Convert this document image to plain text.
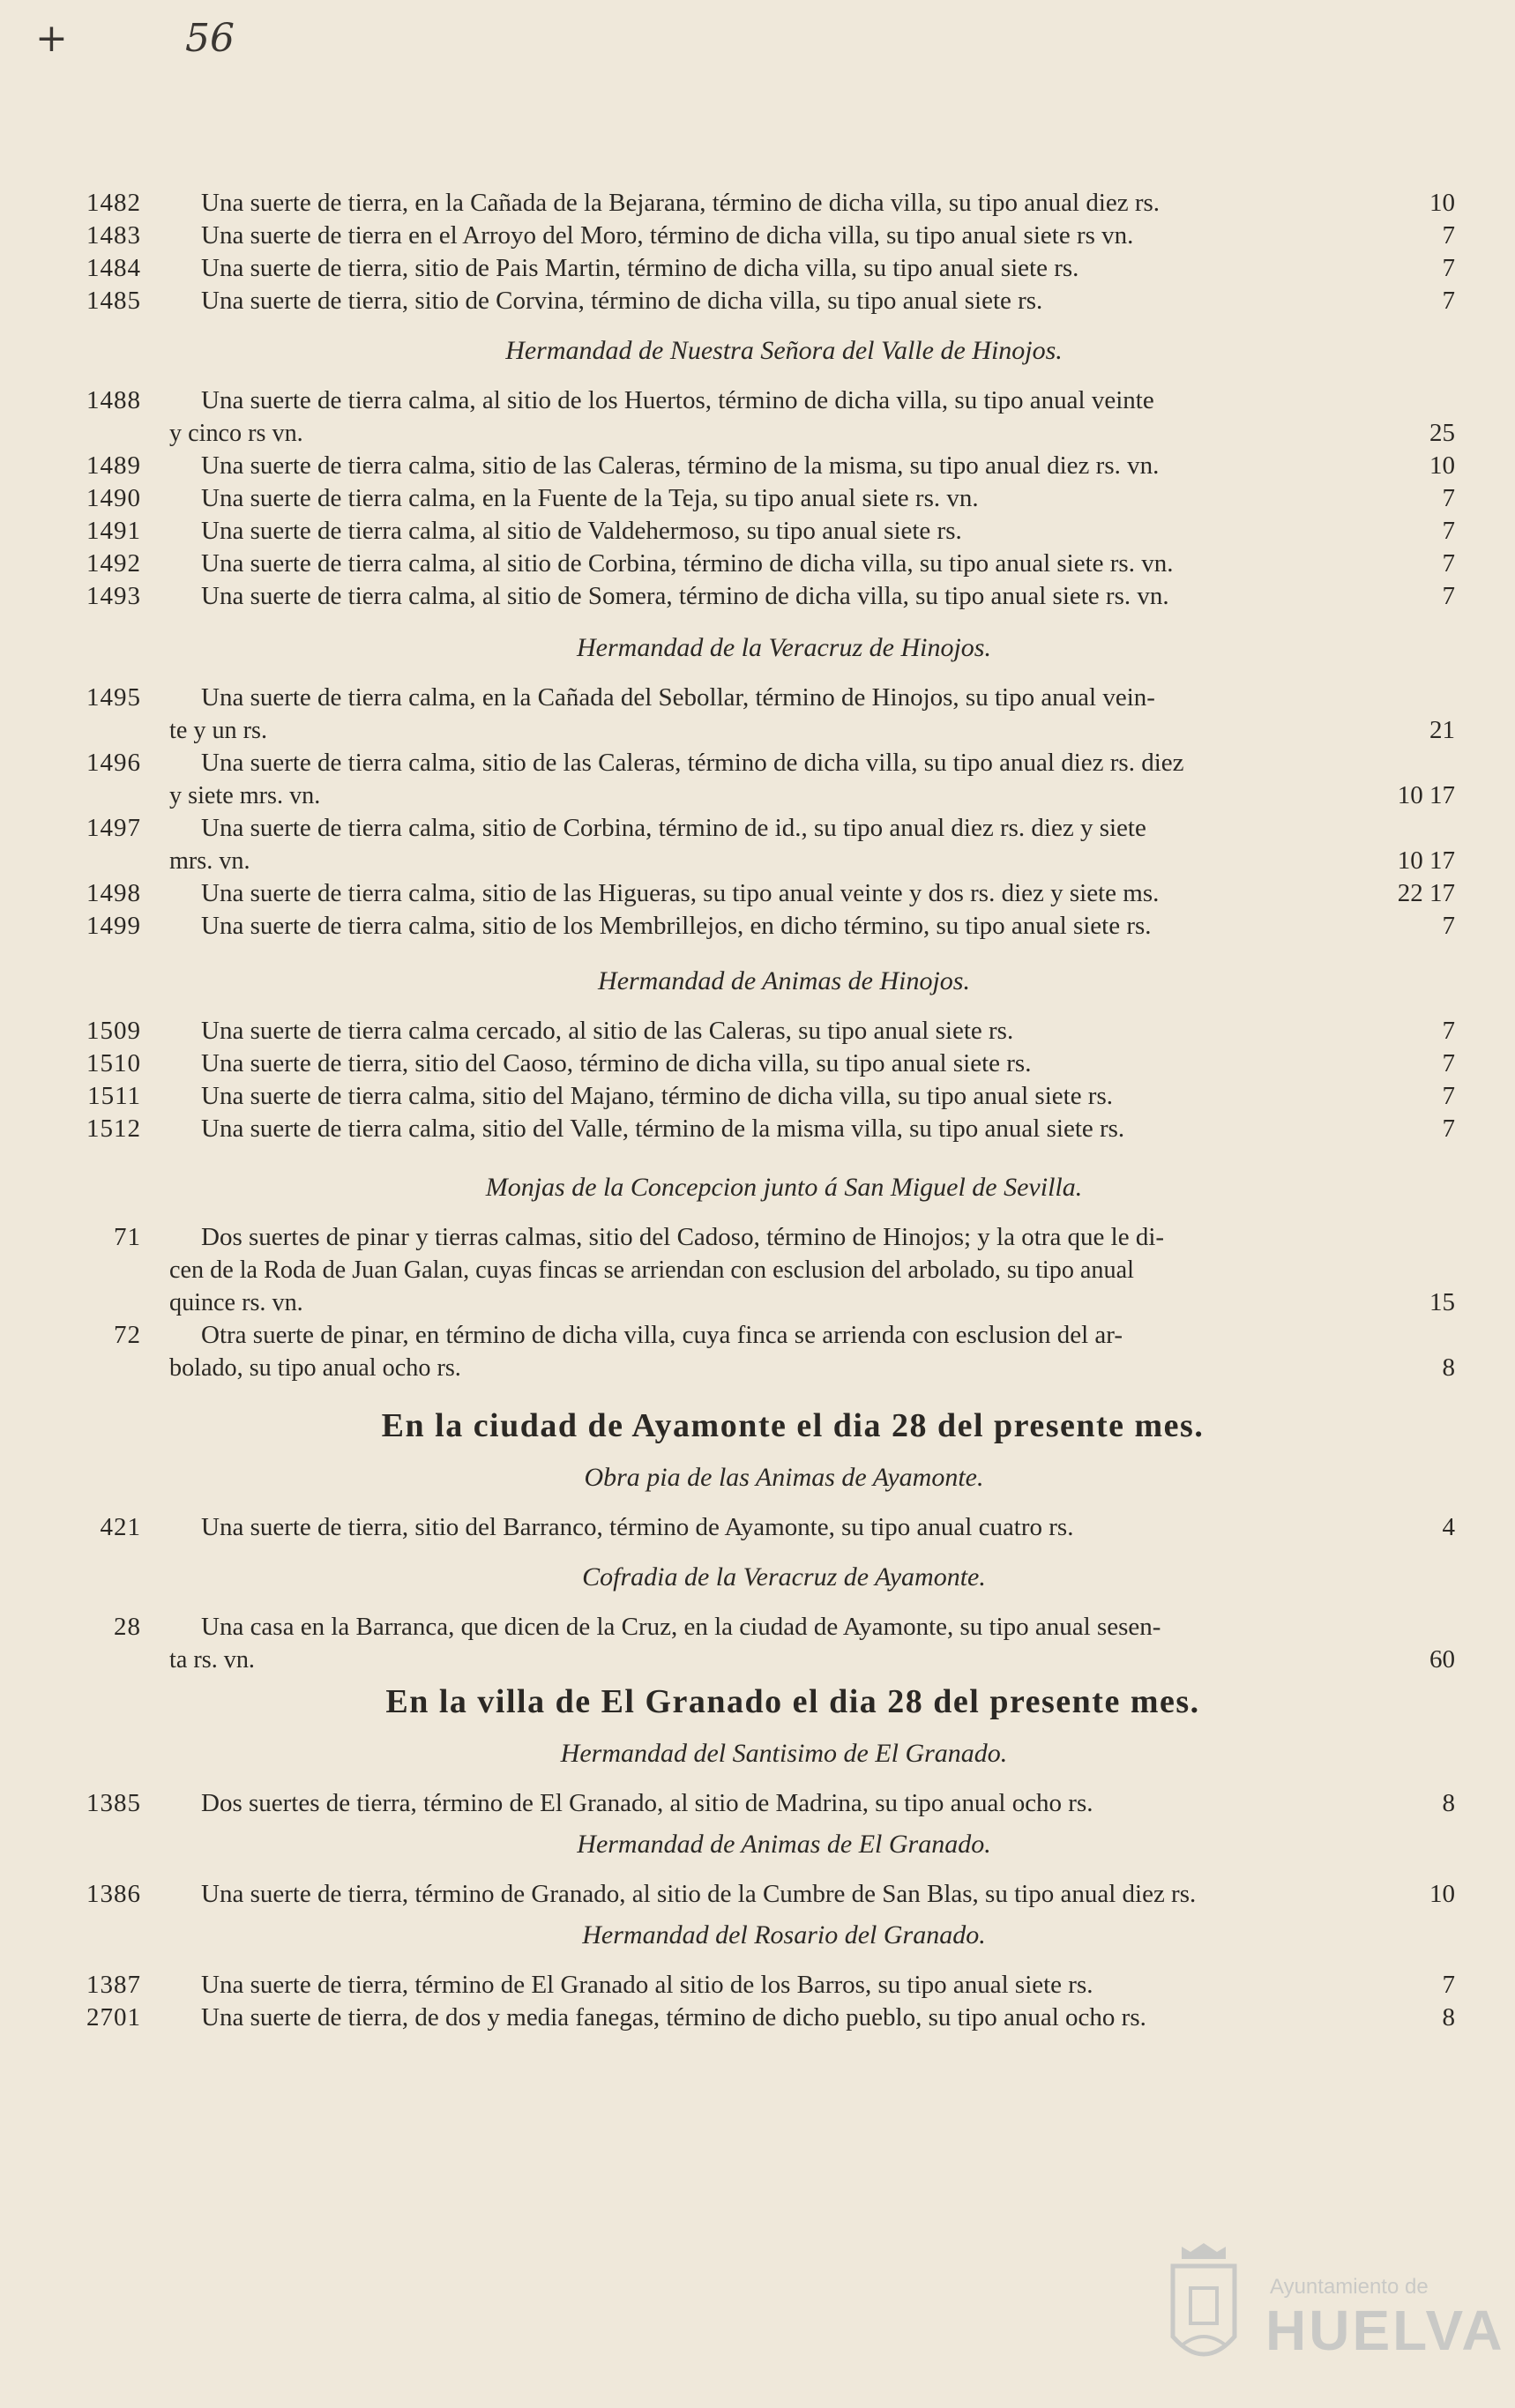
+	56
1482 Una suerte de tierra, en la Cañada de la Bejarana, término de dicha villa, su tipo anual diez rs.	10
1483 Una suerte de tierra en el Arroyo del Moro, término de dicha villa, su tipo anual siete rs vn.	7
1484 Una suerte de tierra, sitio de Pais Martin, término de dicha villa, su tipo anual siete rs.	7
1485 Una suerte de tierra, sitio de Corvina, término de dicha villa, su tipo anual siete rs.	7
Hermandad de Nuestra Señora del Valle de Hinojos.
1488 Una suerte de tierra calma, al sitio de los Huertos, término de dicha villa, su tipo anual veinte
y cinco rs vn.	25
1489 Una suerte de tierra calma, sitio de las Caleras, término de la misma, su tipo anual diez rs. vn.	10
1490 Una suerte de tierra calma, en la Fuente de la Teja, su tipo anual siete rs. vn.	7
1491 Una suerte de tierra calma, al sitio de Valdehermoso, su tipo anual siete rs.	7
1492 Una suerte de tierra calma, al sitio de Corbina, término de dicha villa, su tipo anual siete rs. vn.	7
1493 Una suerte de tierra calma, al sitio de Somera, término de dicha villa, su tipo anual siete rs. vn.	7
Hermandad de la Veracruz de Hinojos.
1495 Una suerte de tierra calma, en la Cañada del Sebollar, término de Hinojos, su tipo anual vein-
te y un rs.	21
1496 Una suerte de tierra calma, sitio de las Caleras, término de dicha villa, su tipo anual diez rs. diez
y siete mrs. vn.	10 17
1497 Una suerte de tierra calma, sitio de Corbina, término de id., su tipo anual diez rs. diez y siete
mrs. vn.	10 17
1498 Una suerte de tierra calma, sitio de las Higueras, su tipo anual veinte y dos rs. diez y siete ms.	22 17
1499 Una suerte de tierra calma, sitio de los Membrillejos, en dicho término, su tipo anual siete rs.	7
Hermandad de Animas de Hinojos.
1509 Una suerte de tierra calma cercado, al sitio de las Caleras, su tipo anual siete rs.	7
1510 Una suerte de tierra, sitio del Caoso, término de dicha villa, su tipo anual siete rs.	7
1511 Una suerte de tierra calma, sitio del Majano, término de dicha villa, su tipo anual siete rs.	7
1512 Una suerte de tierra calma, sitio del Valle, término de la misma villa, su tipo anual siete rs.	7
Monjas de la Concepcion junto á San Miguel de Sevilla.
71 Dos suertes de pinar y tierras calmas, sitio del Cadoso, término de Hinojos; y la otra que le di-
cen de la Roda de Juan Galan, cuyas fincas se arriendan con esclusion del arbolado, su tipo anual
quince rs. vn.	15
72 Otra suerte de pinar, en término de dicha villa, cuya finca se arrienda con esclusion del ar-
bolado, su tipo anual ocho rs.	8
En la ciudad de Ayamonte el dia 28 del presente mes.
Obra pia de las Animas de Ayamonte.
421 Una suerte de tierra, sitio del Barranco, término de Ayamonte, su tipo anual cuatro rs.	4
Cofradia de la Veracruz de Ayamonte.
28 Una casa en la Barranca, que dicen de la Cruz, en la ciudad de Ayamonte, su tipo anual sesen-
ta rs. vn.	60
En la villa de El Granado el dia 28 del presente mes.
Hermandad del Santisimo de El Granado.
1385 Dos suertes de tierra, término de El Granado, al sitio de Madrina, su tipo anual ocho rs.	8
Hermandad de Animas de El Granado.
1386 Una suerte de tierra, término de Granado, al sitio de la Cumbre de San Blas, su tipo anual diez rs.	10
Hermandad del Rosario del Granado.
1387 Una suerte de tierra, término de El Granado al sitio de los Barros, su tipo anual siete rs.	7
2701 Una suerte de tierra, de dos y media fanegas, término de dicho pueblo, su tipo anual ocho rs.	8
Ayuntamiento de
HUELVA
